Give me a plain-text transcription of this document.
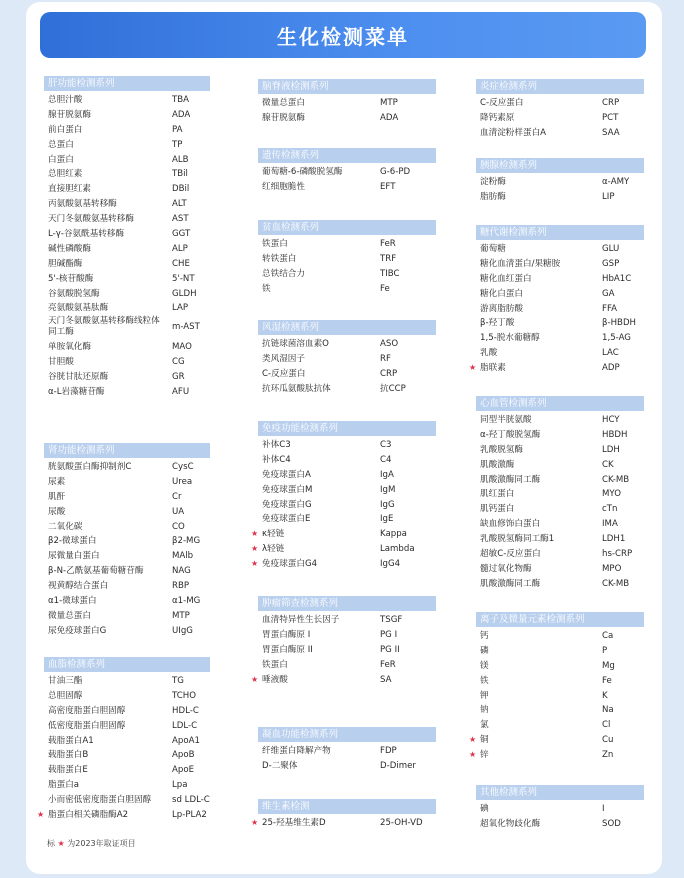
生化检测菜单
肝功能检测系列
总胆汁酸	TBA
腺苷脱氨酶	ADA
前白蛋白	PA
总蛋白	TP
白蛋白	ALB
总胆红素	TBil
直接胆红素	DBil
丙氨酸氨基转移酶	ALT
天门冬氨酸氨基转移酶	AST
L-γ-谷氨酰基转移酶	GGT
碱性磷酸酶	ALP
胆碱酯酶	CHE
5'-核苷酸酶	5'-NT
谷氨酸脱氢酶	GLDH
亮氨酸氨基肽酶	LAP
天门冬氨酸氨基转移酶线粒体同工酶	m-AST
单胺氧化酶	MAO
甘胆酸	CG
谷胱甘肽还原酶	GR
α-L岩藻糖苷酶	AFU
肾功能检测系列
胱氨酸蛋白酶抑制剂C	CysC
尿素	Urea
肌酐	Cr
尿酸	UA
二氧化碳	CO
β2-微球蛋白	β2-MG
尿微量白蛋白	MAlb
β-N-乙酰氨基葡萄糖苷酶	NAG
视黄醇结合蛋白	RBP
α1-微球蛋白	α1-MG
微量总蛋白	MTP
尿免疫球蛋白G	UIgG
血脂检测系列
甘油三酯	TG
总胆固醇	TCHO
高密度脂蛋白胆固醇	HDL-C
低密度脂蛋白胆固醇	LDL-C
载脂蛋白A1	ApoA1
载脂蛋白B	ApoB
载脂蛋白E	ApoE
脂蛋白a	Lpa
小而密低密度脂蛋白胆固醇 sd LDL-C
★ 脂蛋白相关磷脂酶A2	Lp-PLA2
脑脊液检测系列
微量总蛋白	MTP
腺苷脱氨酶	ADA
遗传检测系列
葡萄糖-6-磷酸脱氢酶	G-6-PD
红细胞脆性	EFT
贫血检测系列
铁蛋白	FeR
转铁蛋白	TRF
总铁结合力	TIBC
铁	Fe
风湿检测系列
抗链球菌溶血素O	ASO
类风湿因子	RF
C-反应蛋白	CRP
抗环瓜氨酸肽抗体	抗CCP
免疫功能检测系列
补体C3	C3
补体C4	C4
免疫球蛋白A	IgA
免疫球蛋白M	IgM
免疫球蛋白G	IgG
免疫球蛋白E	IgE
★ κ轻链	Kappa
★ λ轻链	Lambda
★ 免疫球蛋白G4	IgG4
肿瘤筛查检测系列
血清特异性生长因子	TSGF
胃蛋白酶原 I	PG I
胃蛋白酶原 II	PG II
铁蛋白	FeR
★ 唾液酸	SA
凝血功能检测系列
纤维蛋白降解产物	FDP
D-二聚体	D-Dimer
维生素检测
★ 25-羟基维生素D	25-OH-VD
炎症检测系列
C-反应蛋白	CRP
降钙素原	PCT
血清淀粉样蛋白A	SAA
胰腺检测系列
淀粉酶	α-AMY
脂肪酶	LIP
糖代谢检测系列
葡萄糖	GLU
糖化血清蛋白/果糖胺	GSP
糖化血红蛋白	HbA1C
糖化白蛋白	GA
游离脂肪酸	FFA
β-羟丁酸	β-HBDH
1,5-脱水葡糖醇	1,5-AG
乳酸	LAC
★ 脂联素	ADP
心血管检测系列
同型半胱氨酸	HCY
α-羟丁酸脱氢酶	HBDH
乳酸脱氢酶	LDH
肌酸激酶	CK
肌酸激酶同工酶	CK-MB
肌红蛋白	MYO
肌钙蛋白	cTn
缺血修饰白蛋白	IMA
乳酸脱氢酶同工酶1	LDH1
超敏C-反应蛋白	hs-CRP
髓过氧化物酶	MPO
肌酸激酶同工酶	CK-MB
离子及微量元素检测系列
钙	Ca
磷	P
镁	Mg
铁	Fe
钾	K
钠	Na
氯	Cl
★ 铜	Cu
★ 锌	Zn
其他检测系列
碘	I
超氧化物歧化酶	SOD
标 ★ 为2023年取证项目
